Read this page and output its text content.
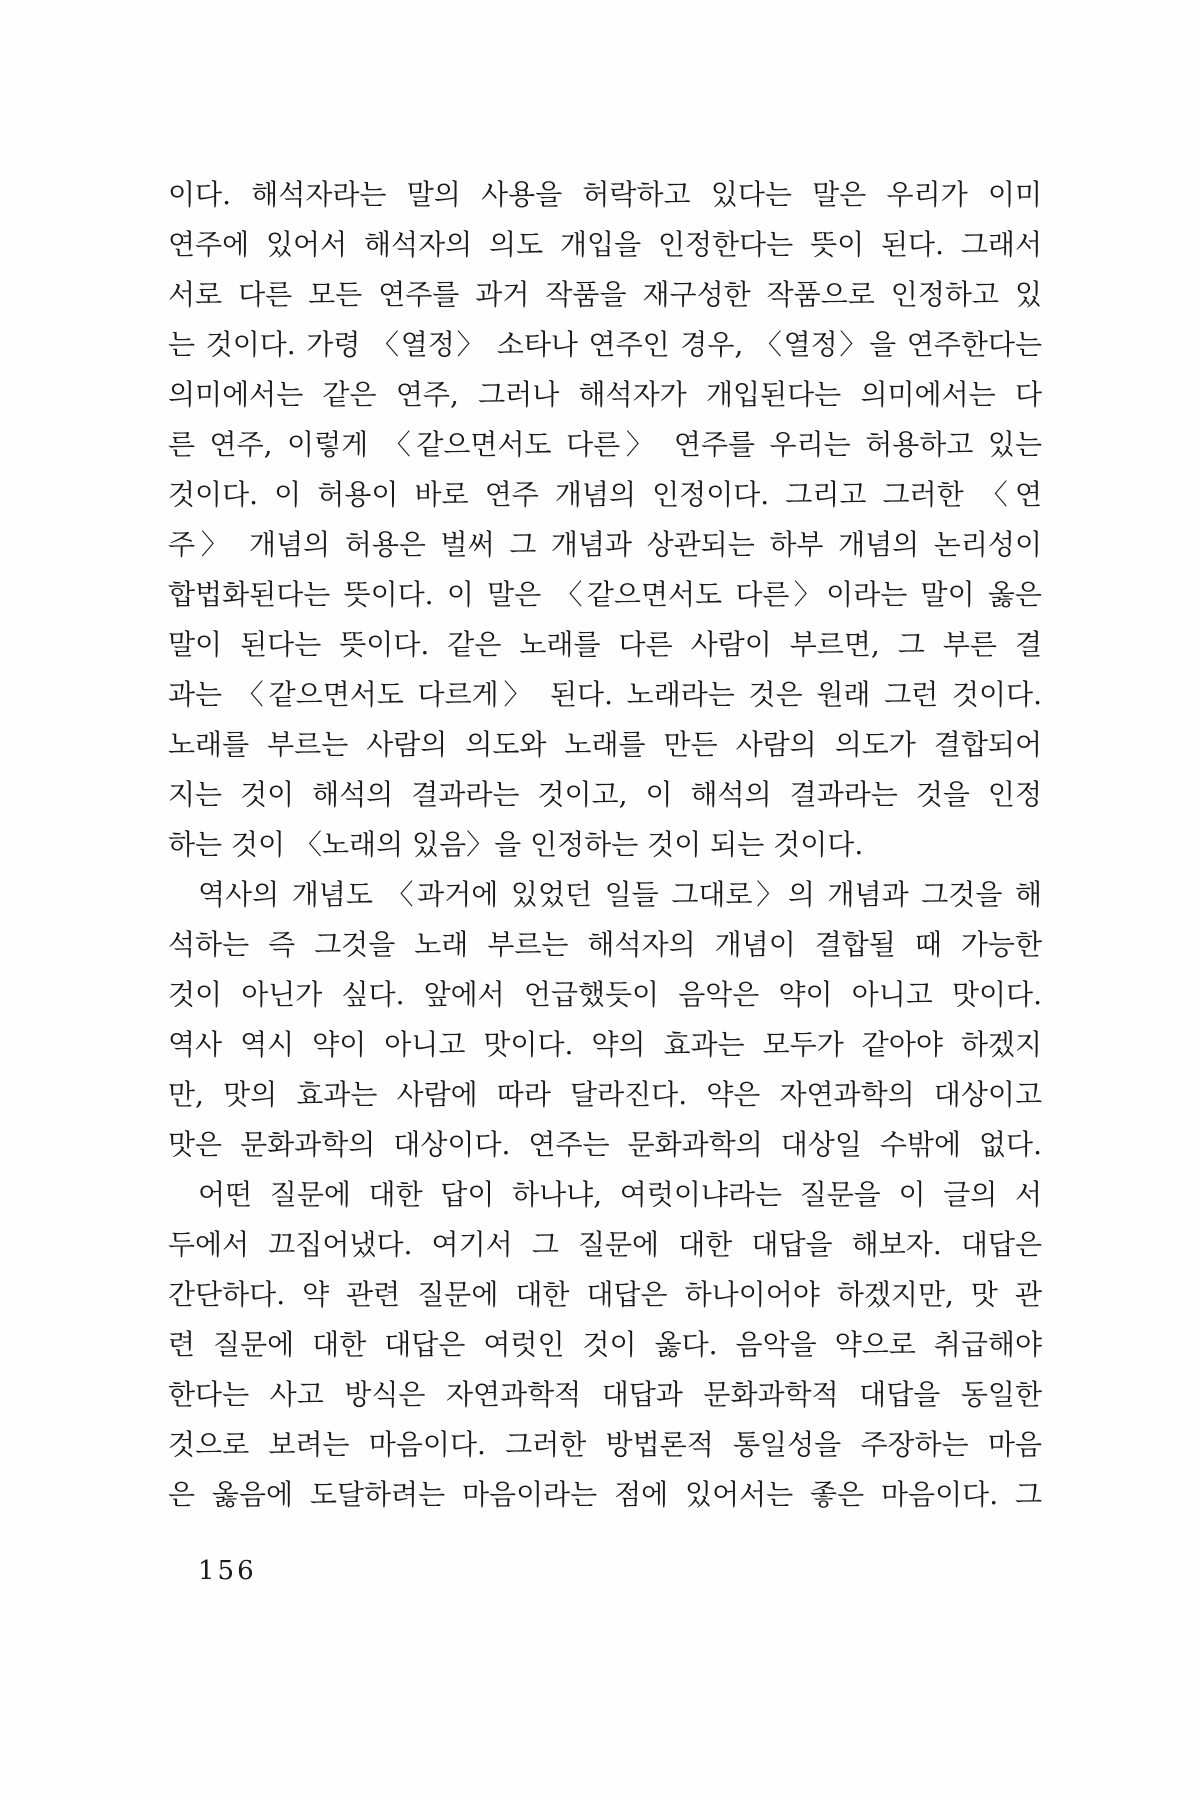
이다. 해석자라는 말의 사용을 허락하고 있다는 말은 우리가 이미
연주에 있어서 해석자의 의도 개입을 인정한다는 뜻이 된다. 그래서
서로 다른 모든 연주를 과거 작품을 재구성한 작품으로 인정하고 있
는 것이다. 가령 〈열정〉 소타나 연주인 경우, 〈열정〉을 연주한다는
의미에서는 같은 연주, 그러나 해석자가 개입된다는 의미에서는 다
른 연주, 이렇게 〈같으면서도 다른〉 연주를 우리는 허용하고 있는
것이다. 이 허용이 바로 연주 개념의 인정이다. 그리고 그러한 〈연
주〉 개념의 허용은 벌써 그 개념과 상관되는 하부 개념의 논리성이
합법화된다는 뜻이다. 이 말은 〈같으면서도 다른〉이라는 말이 옳은
말이 된다는 뜻이다. 같은 노래를 다른 사람이 부르면, 그 부른 결
과는 〈같으면서도 다르게〉 된다. 노래라는 것은 원래 그런 것이다.
노래를 부르는 사람의 의도와 노래를 만든 사람의 의도가 결합되어
지는 것이 해석의 결과라는 것이고, 이 해석의 결과라는 것을 인정
하는 것이 〈노래의 있음〉을 인정하는 것이 되는 것이다.
역사의 개념도 〈과거에 있었던 일들 그대로〉의 개념과 그것을 해
석하는 즉 그것을 노래 부르는 해석자의 개념이 결합될 때 가능한
것이 아닌가 싶다. 앞에서 언급했듯이 음악은 약이 아니고 맛이다.
역사 역시 약이 아니고 맛이다. 약의 효과는 모두가 같아야 하겠지
만, 맛의 효과는 사람에 따라 달라진다. 약은 자연과학의 대상이고
맛은 문화과학의 대상이다. 연주는 문화과학의 대상일 수밖에 없다.
어떤 질문에 대한 답이 하나냐, 여럿이냐라는 질문을 이 글의 서
두에서 끄집어냈다. 여기서 그 질문에 대한 대답을 해보자. 대답은
간단하다. 약 관련 질문에 대한 대답은 하나이어야 하겠지만, 맛 관
련 질문에 대한 대답은 여럿인 것이 옳다. 음악을 약으로 취급해야
한다는 사고 방식은 자연과학적 대답과 문화과학적 대답을 동일한
것으로 보려는 마음이다. 그러한 방법론적 통일성을 주장하는 마음
은 옳음에 도달하려는 마음이라는 점에 있어서는 좋은 마음이다. 그
156
